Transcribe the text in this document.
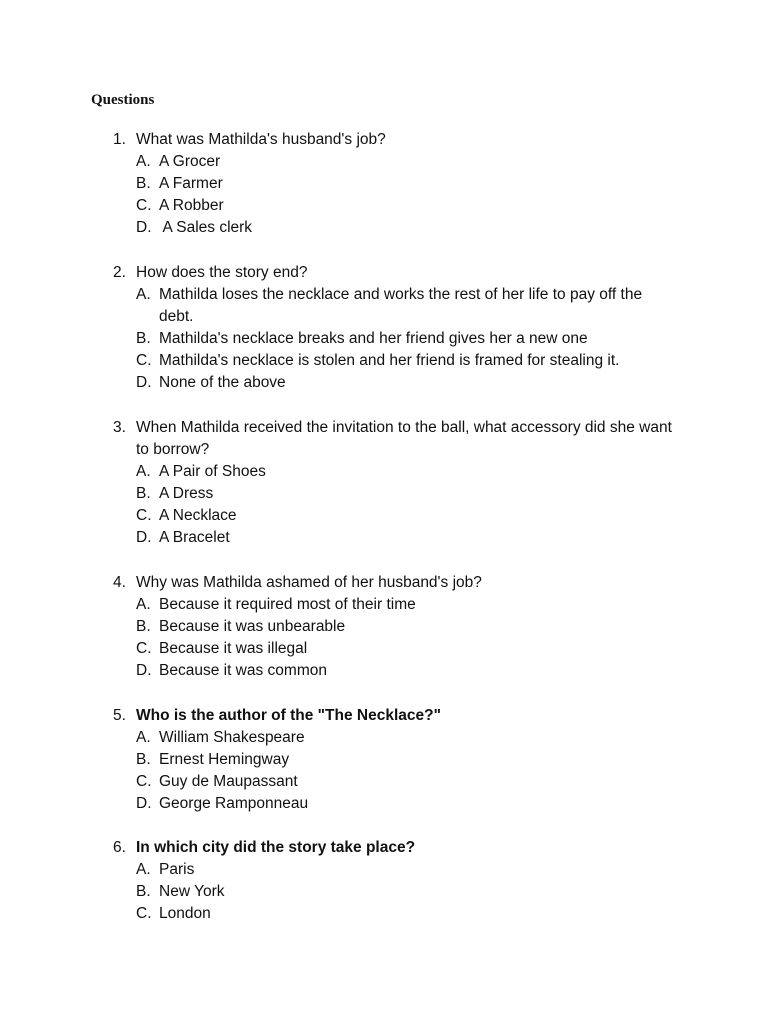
Questions
1. What was Mathilda's husband's job?
A. A Grocer
B. A Farmer
C. A Robber
D. A Sales clerk
2. How does the story end?
A. Mathilda loses the necklace and works the rest of her life to pay off the debt.
B. Mathilda's necklace breaks and her friend gives her a new one
C. Mathilda's necklace is stolen and her friend is framed for stealing it.
D. None of the above
3. When Mathilda received the invitation to the ball, what accessory did she want to borrow?
A. A Pair of Shoes
B. A Dress
C. A Necklace
D. A Bracelet
4. Why was Mathilda ashamed of her husband's job?
A. Because it required most of their time
B. Because it was unbearable
C. Because it was illegal
D. Because it was common
5. Who is the author of the "The Necklace?"
A. William Shakespeare
B. Ernest Hemingway
C. Guy de Maupassant
D. George Ramponneau
6. In which city did the story take place?
A. Paris
B. New York
C. London
